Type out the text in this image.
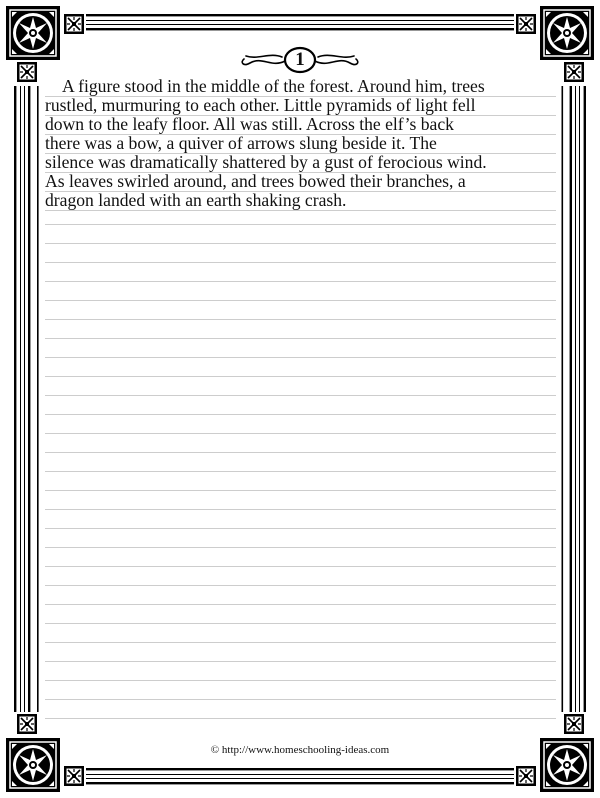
1

A figure stood in the middle of the forest. Around him, trees
rustled, murmuring to each other. Little pyramids of light fell
down to the leafy floor. All was still. Across the elf’s back
there was a bow, a quiver of arrows slung beside it. The
silence was dramatically shattered by a gust of ferocious wind.
As leaves swirled around, and trees bowed their branches, a
dragon landed with an earth shaking crash.

© http://www.homeschooling-ideas.com
